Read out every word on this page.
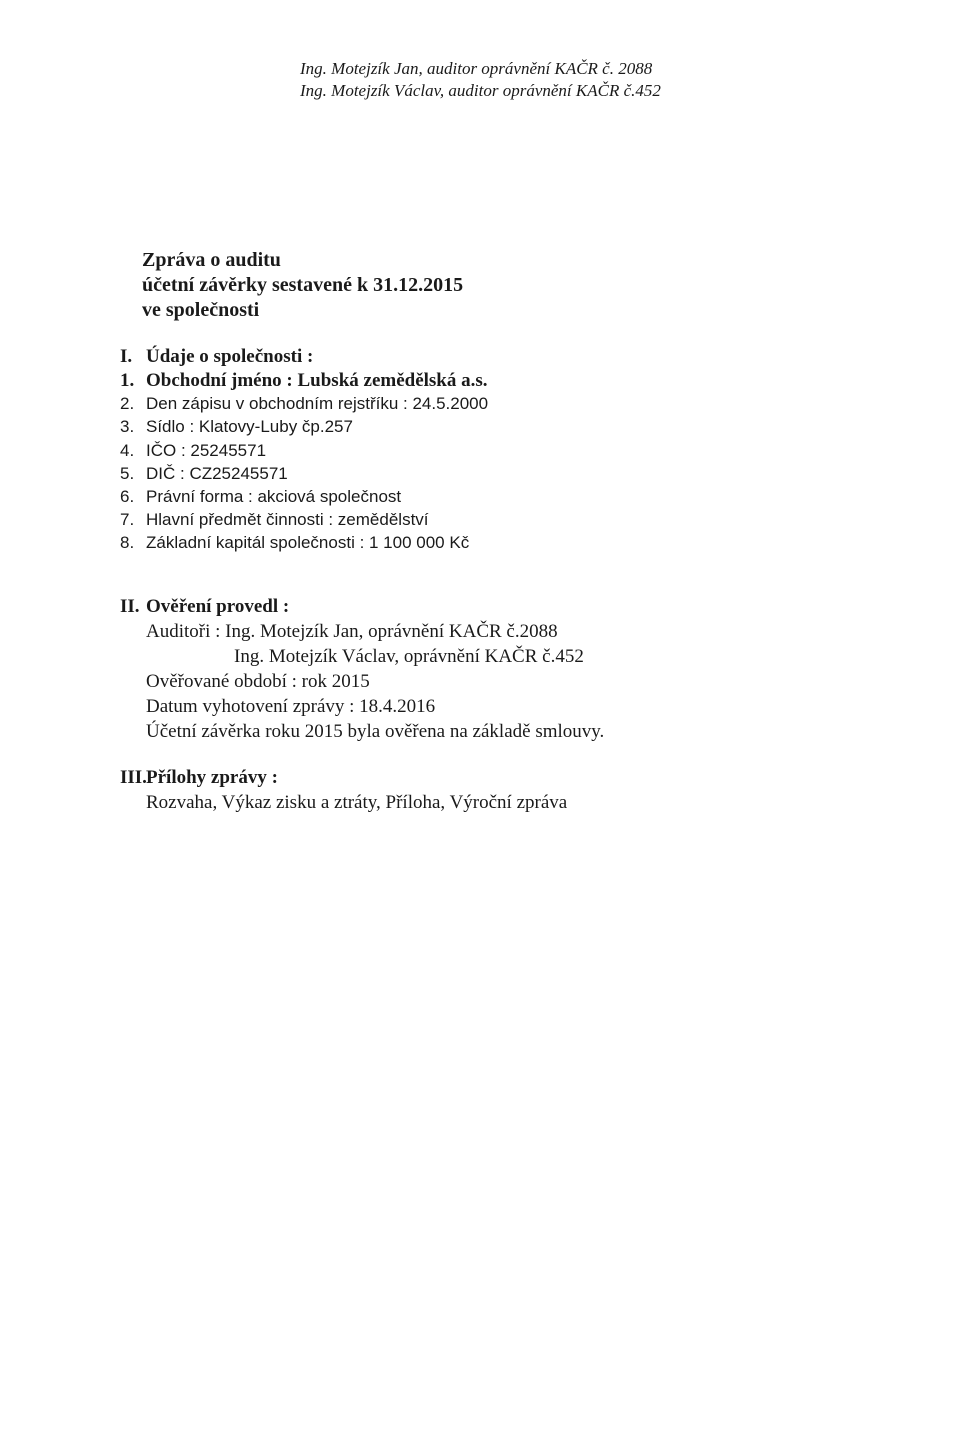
Ing. Motejzík Jan, auditor oprávnění KAČR č. 2088
Ing. Motejzík Václav, auditor oprávnění KAČR č.452
Zpráva o auditu
účetní závěrky sestavené k 31.12.2015
ve společnosti
I. Údaje o společnosti :
1. Obchodní jméno : Lubská zemědělská a.s.
2. Den zápisu v obchodním rejstříku : 24.5.2000
3. Sídlo : Klatovy-Luby čp.257
4. IČO : 25245571
5. DIČ : CZ25245571
6. Právní forma : akciová společnost
7. Hlavní předmět činnosti : zemědělství
8. Základní kapitál společnosti : 1 100 000 Kč
II. Ověření provedl :
Auditoři : Ing. Motejzík Jan, oprávnění KAČR č.2088
Ing. Motejzík Václav, oprávnění KAČR č.452
Ověřované období : rok 2015
Datum vyhotovení zprávy : 18.4.2016
Účetní závěrka roku 2015 byla ověřena na základě smlouvy.
III.Přílohy zprávy :
Rozvaha, Výkaz zisku a ztráty, Příloha, Výroční zpráva
